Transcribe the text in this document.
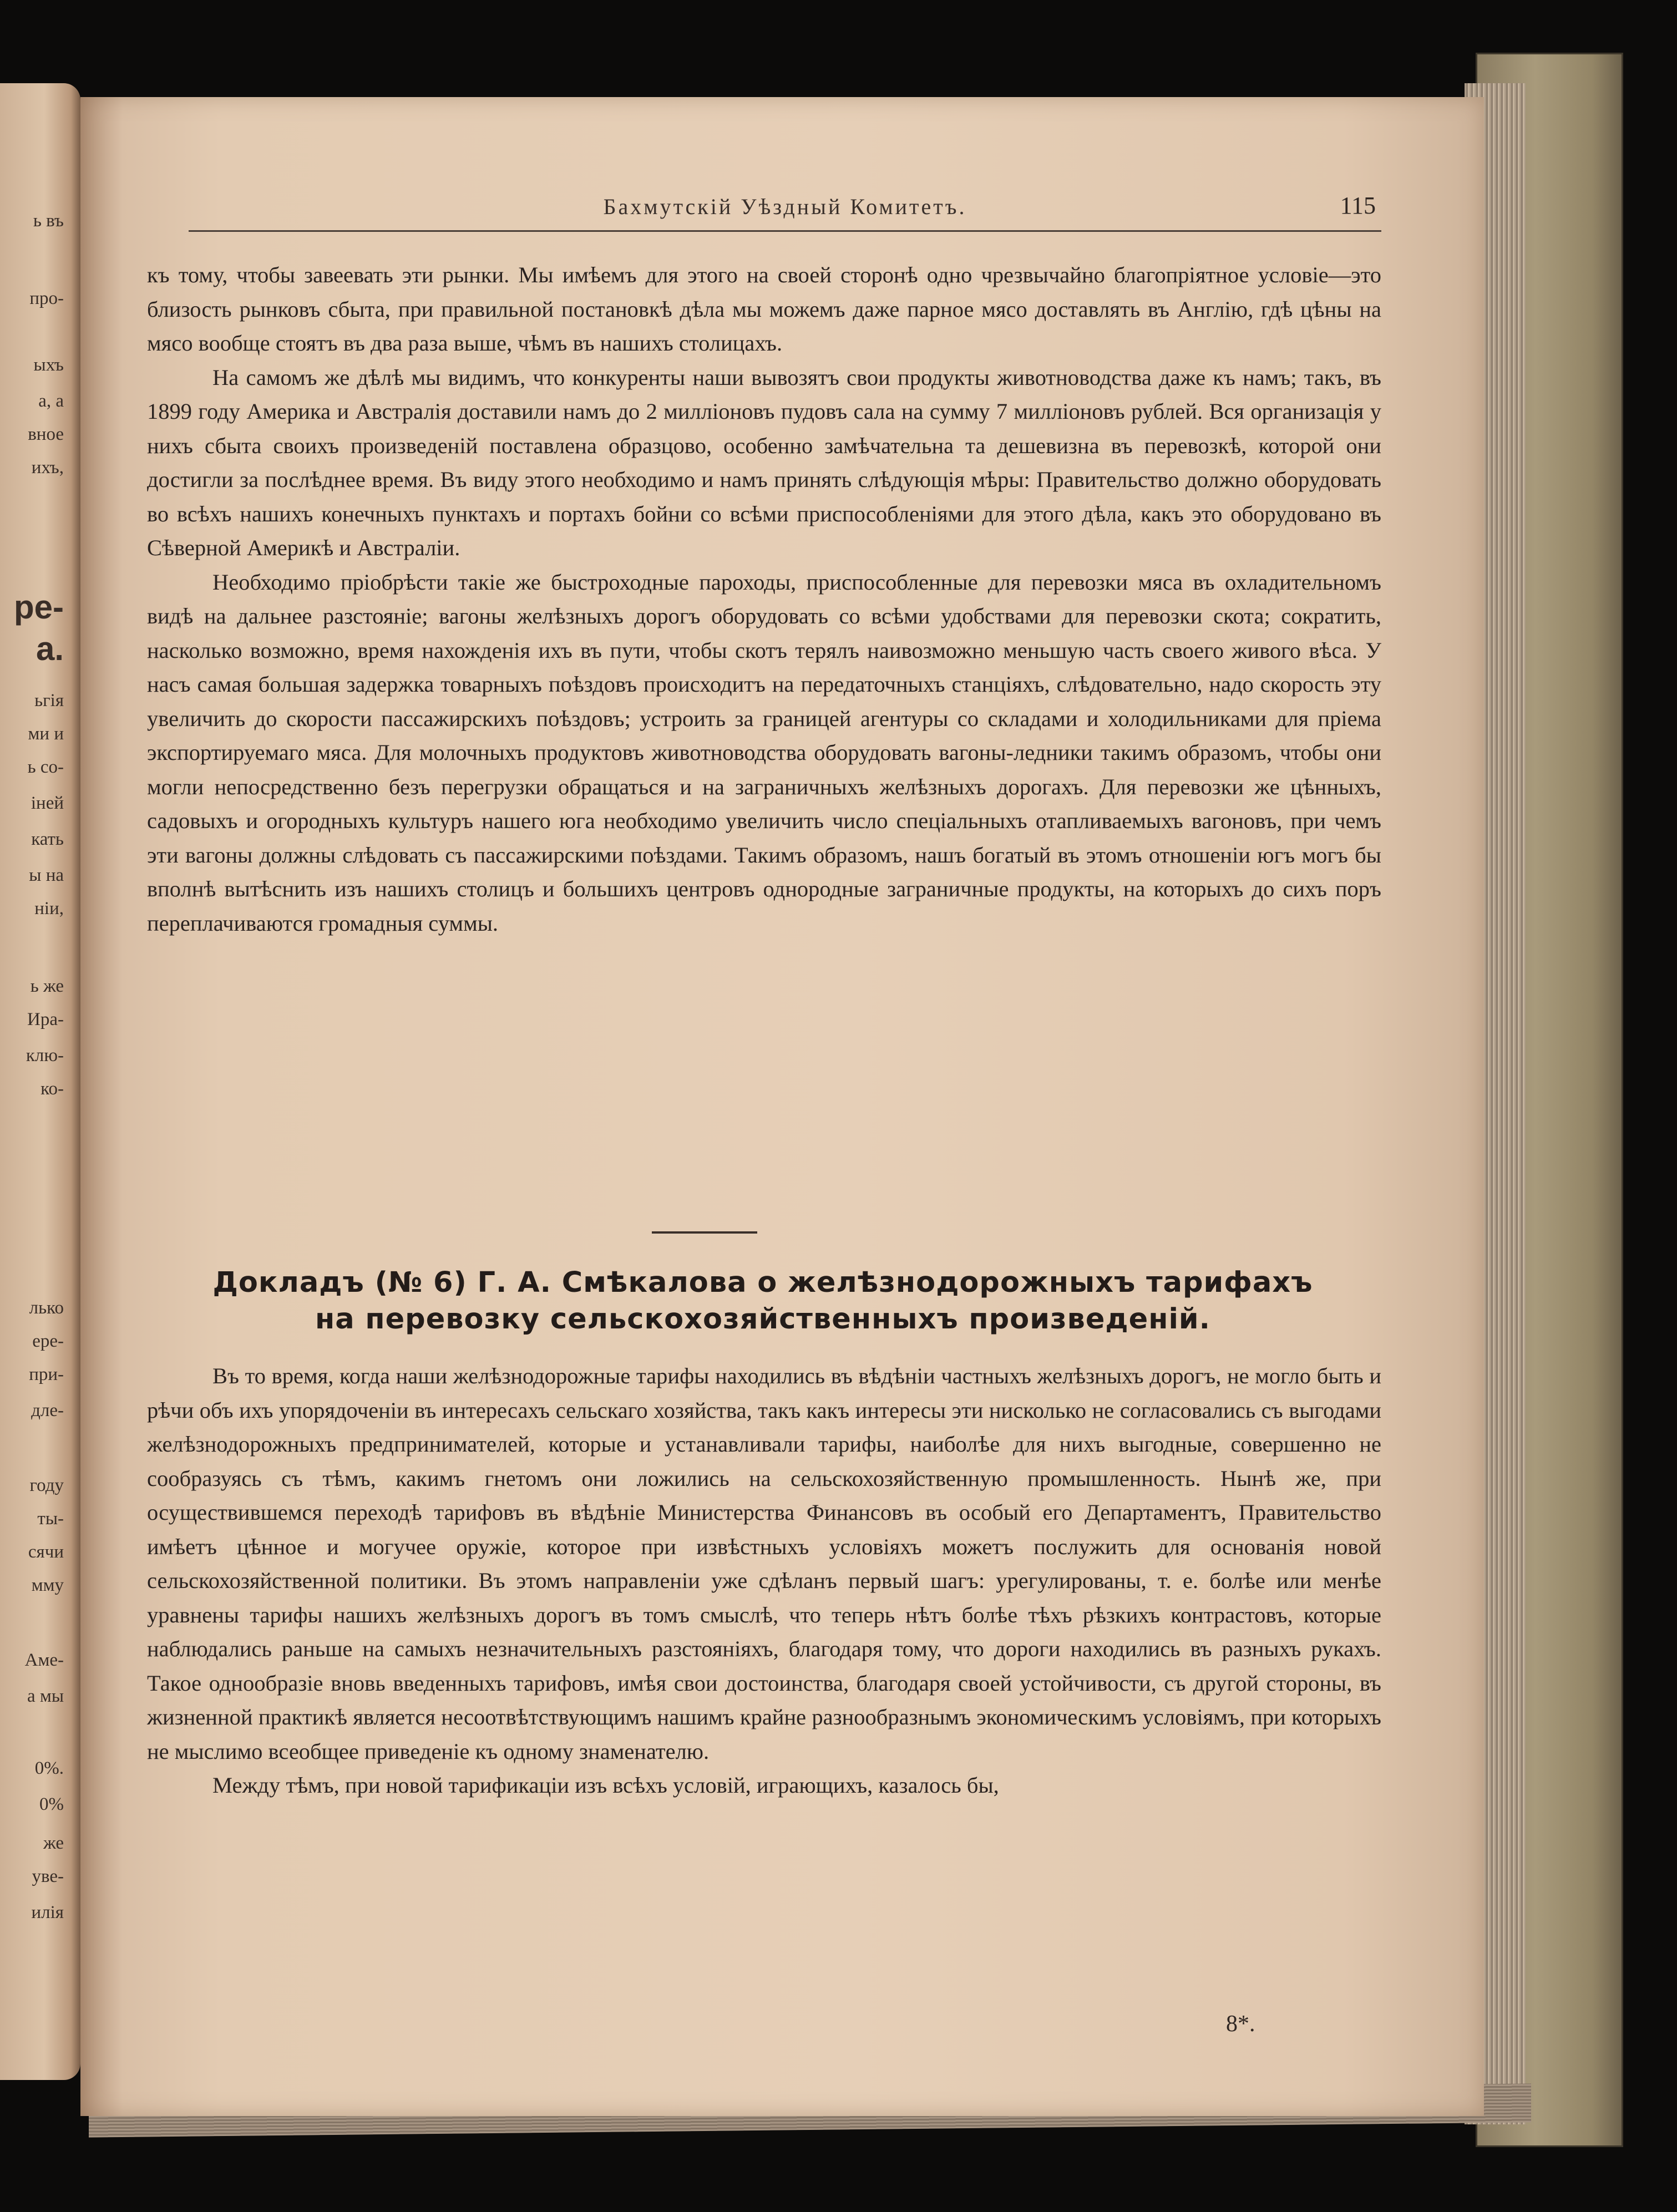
ь въ
про-
ыхъ
а, а
вное
ихъ,
ре-
а.
ьгія
ми и
ь со-
іней
кать
ы на
ніи,
ь же
Ира-
клю-
ко-
лько
ере-
при-
дле-
году
ты-
сячи
мму
Аме-
а мы
0%.
0%
же
уве-
илія
Бахмутскій Уѣздный Комитетъ.	115

къ тому, чтобы завеевать эти рынки. Мы имѣемъ для этого на своей сторонѣ одно чрезвычайно благопріятное условіе—это близость рынковъ сбыта, при правильной постановкѣ дѣла мы можемъ даже парное мясо доставлять въ Англію, гдѣ цѣны на мясо вообще стоятъ въ два раза выше, чѣмъ въ нашихъ столицахъ.

На самомъ же дѣлѣ мы видимъ, что конкуренты наши вывозятъ свои продукты животноводства даже къ намъ; такъ, въ 1899 году Америка и Австралія доставили намъ до 2 милліоновъ пудовъ сала на сумму 7 милліоновъ рублей. Вся организація у нихъ сбыта своихъ произведеній поставлена образцово, особенно замѣчательна та дешевизна въ перевозкѣ, которой они достигли за послѣднее время. Въ виду этого необходимо и намъ принять слѣдующія мѣры: Правительство должно оборудовать во всѣхъ нашихъ конечныхъ пунктахъ и портахъ бойни со всѣми приспособленіями для этого дѣла, какъ это оборудовано въ Сѣверной Америкѣ и Австраліи.

Необходимо пріобрѣсти такіе же быстроходные пароходы, приспособленные для перевозки мяса въ охладительномъ видѣ на дальнее разстояніе; вагоны желѣзныхъ дорогъ оборудовать со всѣми удобствами для перевозки скота; сократить, насколько возможно, время нахожденія ихъ въ пути, чтобы скотъ терялъ наивозможно меньшую часть своего живого вѣса. У насъ самая большая задержка товарныхъ поѣздовъ происходитъ на передаточныхъ станціяхъ, слѣдовательно, надо скорость эту увеличить до скорости пассажирскихъ поѣздовъ; устроить за границей агентуры со складами и холодильниками для пріема экспортируемаго мяса. Для молочныхъ продуктовъ животноводства оборудовать вагоны-ледники такимъ образомъ, чтобы они могли непосредственно безъ перегрузки обращаться и на заграничныхъ желѣзныхъ дорогахъ. Для перевозки же цѣнныхъ, садовыхъ и огородныхъ культуръ нашего юга необходимо увеличить число спеціальныхъ отапливаемыхъ вагоновъ, при чемъ эти вагоны должны слѣдовать съ пассажирскими поѣздами. Такимъ образомъ, нашъ богатый въ этомъ отношеніи югъ могъ бы вполнѣ вытѣснить изъ нашихъ столицъ и большихъ центровъ однородные заграничные продукты, на которыхъ до сихъ поръ переплачиваются громадныя суммы.

Докладъ (№ 6) Г. А. Смѣкалова о желѣзнодорожныхъ тарифахъ
на перевозку сельскохозяйственныхъ произведеній.

Въ то время, когда наши желѣзнодорожные тарифы находились въ вѣдѣніи частныхъ желѣзныхъ дорогъ, не могло быть и рѣчи объ ихъ упорядоченіи въ интересахъ сельскаго хозяйства, такъ какъ интересы эти нисколько не согласовались съ выгодами желѣзнодорожныхъ предпринимателей, которые и устанавливали тарифы, наиболѣе для нихъ выгодные, совершенно не сообразуясь съ тѣмъ, какимъ гнетомъ они ложились на сельскохозяйственную промышленность. Нынѣ же, при осуществившемся переходѣ тарифовъ въ вѣдѣніе Министерства Финансовъ въ особый его Департаментъ, Правительство имѣетъ цѣнное и могучее оружіе, которое при извѣстныхъ условіяхъ можетъ послужить для основанія новой сельскохозяйственной политики. Въ этомъ направленіи уже сдѣланъ первый шагъ: урегулированы, т. е. болѣе или менѣе уравнены тарифы нашихъ желѣзныхъ дорогъ въ томъ смыслѣ, что теперь нѣтъ болѣе тѣхъ рѣзкихъ контрастовъ, которые наблюдались раньше на самыхъ незначительныхъ разстояніяхъ, благодаря тому, что дороги находились въ разныхъ рукахъ. Такое однообразіе вновь введенныхъ тарифовъ, имѣя свои достоинства, благодаря своей устойчивости, съ другой стороны, въ жизненной практикѣ является несоотвѣтствующимъ нашимъ крайне разнообразнымъ экономическимъ условіямъ, при которыхъ не мыслимо всеобщее приведеніе къ одному знаменателю.

Между тѣмъ, при новой тарификаціи изъ всѣхъ условій, играющихъ, казалось бы,

8*.
